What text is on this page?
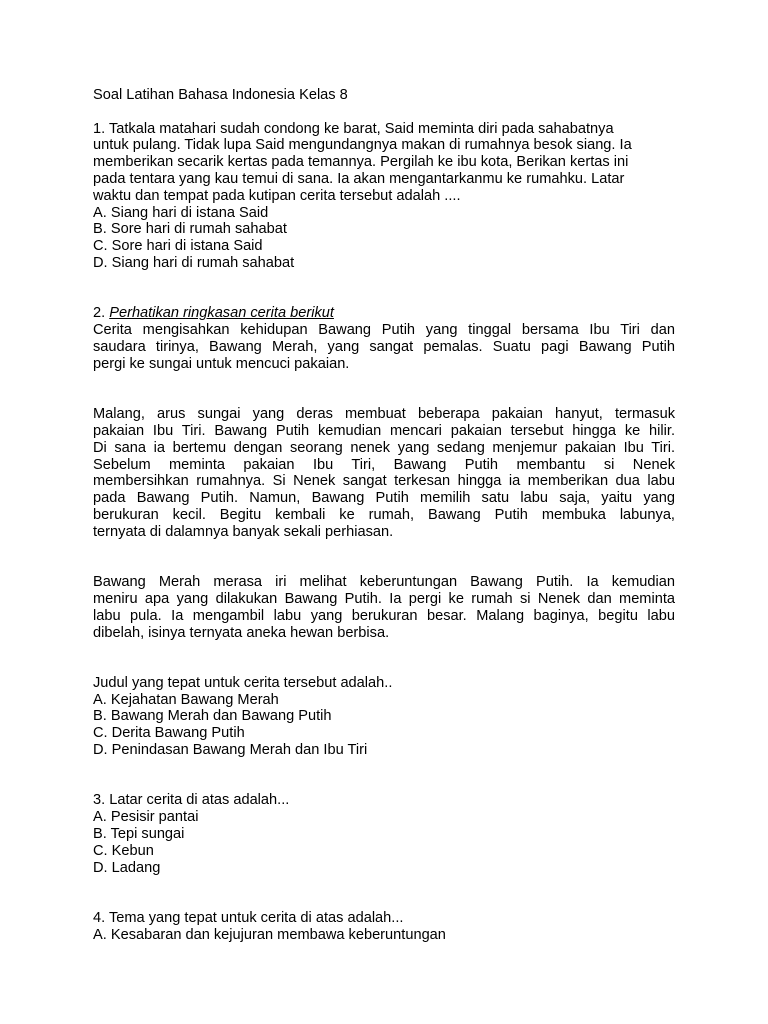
Soal Latihan Bahasa Indonesia Kelas 8
1. Tatkala matahari sudah condong ke barat, Said meminta diri pada sahabatnya
untuk pulang. Tidak lupa Said mengundangnya makan di rumahnya besok siang. Ia
memberikan secarik kertas pada temannya. Pergilah ke ibu kota, Berikan kertas ini
pada tentara yang kau temui di sana. Ia akan mengantarkanmu ke rumahku. Latar
waktu dan tempat pada kutipan cerita tersebut adalah ....
A. Siang hari di istana Said
B. Sore hari di rumah sahabat
C. Sore hari di istana Said
D. Siang hari di rumah sahabat
2. Perhatikan ringkasan cerita berikut
Cerita mengisahkan kehidupan Bawang Putih yang tinggal bersama Ibu Tiri dan
saudara tirinya, Bawang Merah, yang sangat pemalas. Suatu pagi Bawang Putih
pergi ke sungai untuk mencuci pakaian.
Malang, arus sungai yang deras membuat beberapa pakaian hanyut, termasuk
pakaian Ibu Tiri. Bawang Putih kemudian mencari pakaian tersebut hingga ke hilir.
Di sana ia bertemu dengan seorang nenek yang sedang menjemur pakaian Ibu Tiri.
Sebelum meminta pakaian Ibu Tiri, Bawang Putih membantu si Nenek
membersihkan rumahnya. Si Nenek sangat terkesan hingga ia memberikan dua labu
pada Bawang Putih. Namun, Bawang Putih memilih satu labu saja, yaitu yang
berukuran kecil. Begitu kembali ke rumah, Bawang Putih membuka labunya,
ternyata di dalamnya banyak sekali perhiasan.
Bawang Merah merasa iri melihat keberuntungan Bawang Putih. Ia kemudian
meniru apa yang dilakukan Bawang Putih. Ia pergi ke rumah si Nenek dan meminta
labu pula. Ia mengambil labu yang berukuran besar. Malang baginya, begitu labu
dibelah, isinya ternyata aneka hewan berbisa.
Judul yang tepat untuk cerita tersebut adalah..
A. Kejahatan Bawang Merah
B. Bawang Merah dan Bawang Putih
C. Derita Bawang Putih
D. Penindasan Bawang Merah dan Ibu Tiri
3. Latar cerita di atas adalah...
A. Pesisir pantai
B. Tepi sungai
C. Kebun
D. Ladang
4. Tema yang tepat untuk cerita di atas adalah...
A. Kesabaran dan kejujuran membawa keberuntungan
